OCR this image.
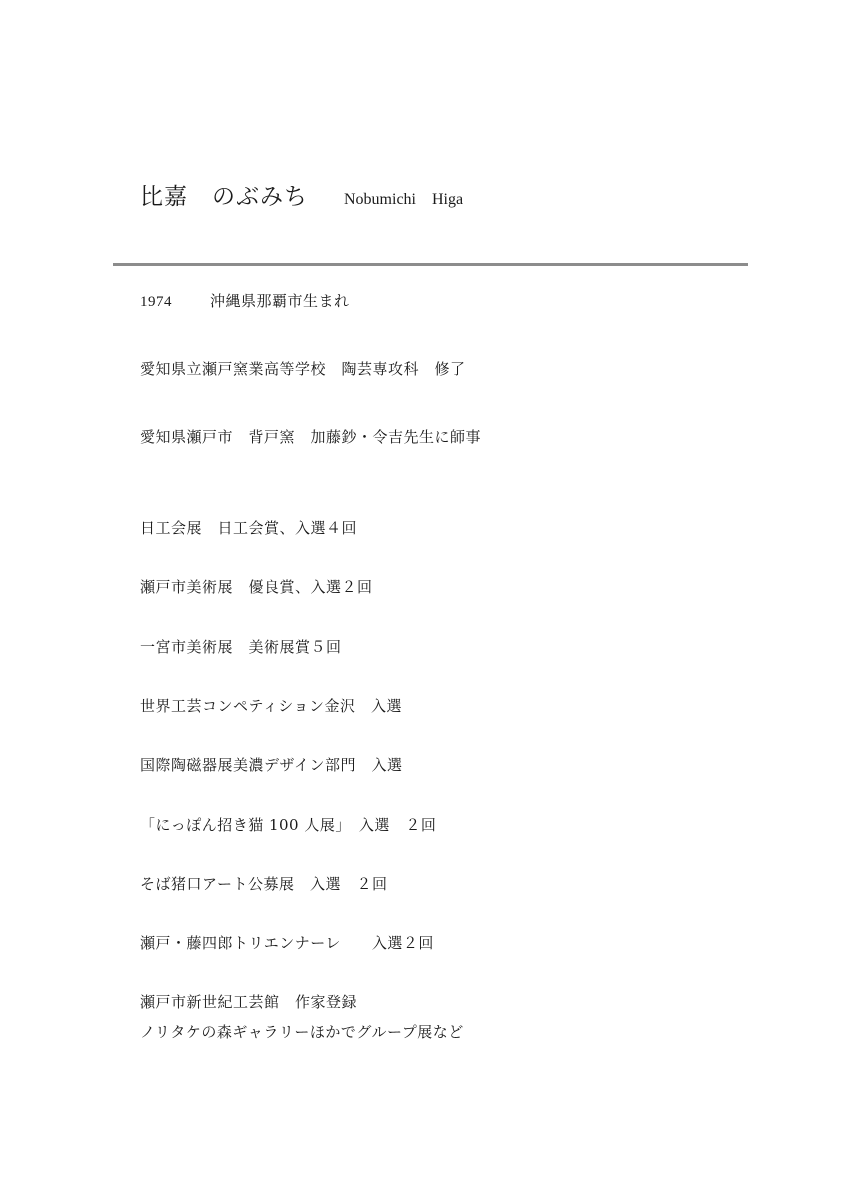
比嘉　のぶみち Nobumichi　Higa
1974	沖縄県那覇市生まれ
愛知県立瀬戸窯業高等学校　陶芸専攻科　修了
愛知県瀬戸市　背戸窯　加藤鈔・令吉先生に師事
日工会展　日工会賞、入選４回
瀬戸市美術展　優良賞、入選２回
一宮市美術展　美術展賞５回
世界工芸コンペティション金沢　入選
国際陶磁器展美濃デザイン部門　入選
「にっぽん招き猫 100 人展」　入選　２回
そば猪口アート公募展　入選　２回
瀬戸・藤四郎トリエンナーレ　　入選２回
瀬戸市新世紀工芸館　作家登録
ノリタケの森ギャラリーほかでグループ展など
